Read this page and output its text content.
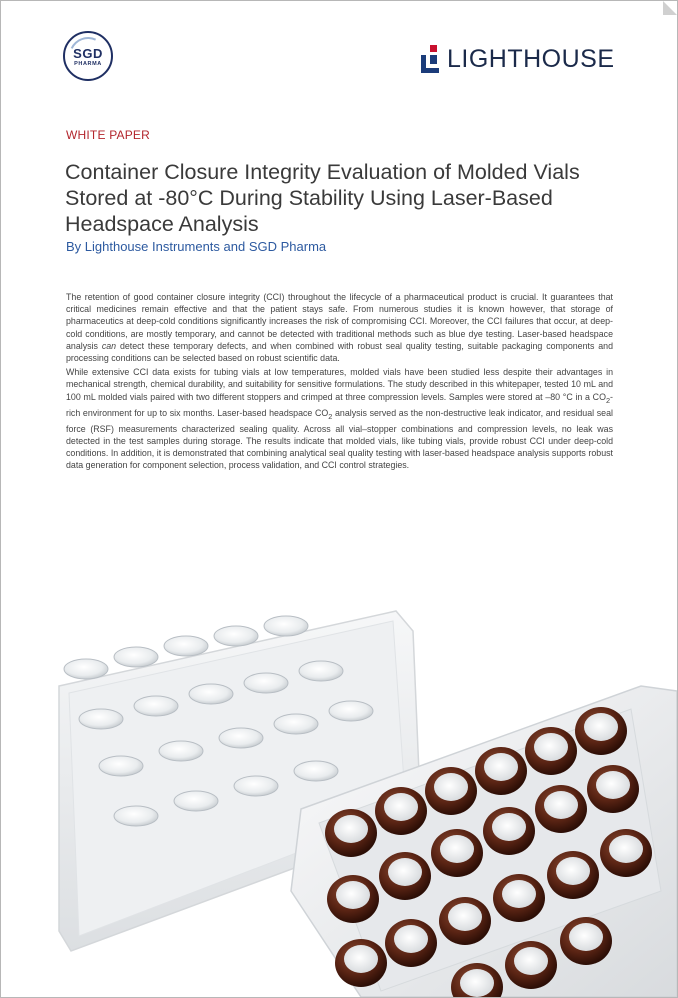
SGD
PHARMA	LIGHTHOUSE
WHITE PAPER
Container Closure Integrity Evaluation of Molded Vials Stored at -80°C During Stability Using Laser-Based Headspace Analysis
By Lighthouse Instruments and SGD Pharma

The retention of good container closure integrity (CCI) throughout the lifecycle of a pharmaceutical product is crucial. It guarantees that critical medicines remain effective and that the patient stays safe. From numerous studies it is known however, that storage of pharmaceutics at deep-cold conditions significantly increases the risk of compromising CCI. Moreover, the CCI failures that occur, at deep-cold conditions, are mostly temporary, and cannot be detected with traditional methods such as blue dye testing. Laser-based headspace analysis can detect these temporary defects, and when combined with robust seal quality testing, suitable packaging components and processing conditions can be selected based on robust scientific data.

While extensive CCI data exists for tubing vials at low temperatures, molded vials have been studied less despite their advantages in mechanical strength, chemical durability, and suitability for sensitive formulations. The study described in this whitepaper, tested 10 mL and 100 mL molded vials paired with two different stoppers and crimped at three compression levels. Samples were stored at –80 °C in a $CO_2$-rich environment for up to six months. Laser-based headspace $CO_2$ analysis served as the non-destructive leak indicator, and residual seal force (RSF) measurements characterized sealing quality. Across all vial–stopper combinations and compression levels, no leak was detected in the test samples during storage. The results indicate that molded vials, like tubing vials, provide robust CCI under deep-cold conditions. In addition, it is demonstrated that combining analytical seal quality testing with laser-based headspace analysis supports robust data generation for component selection, process validation, and CCI control strategies.
